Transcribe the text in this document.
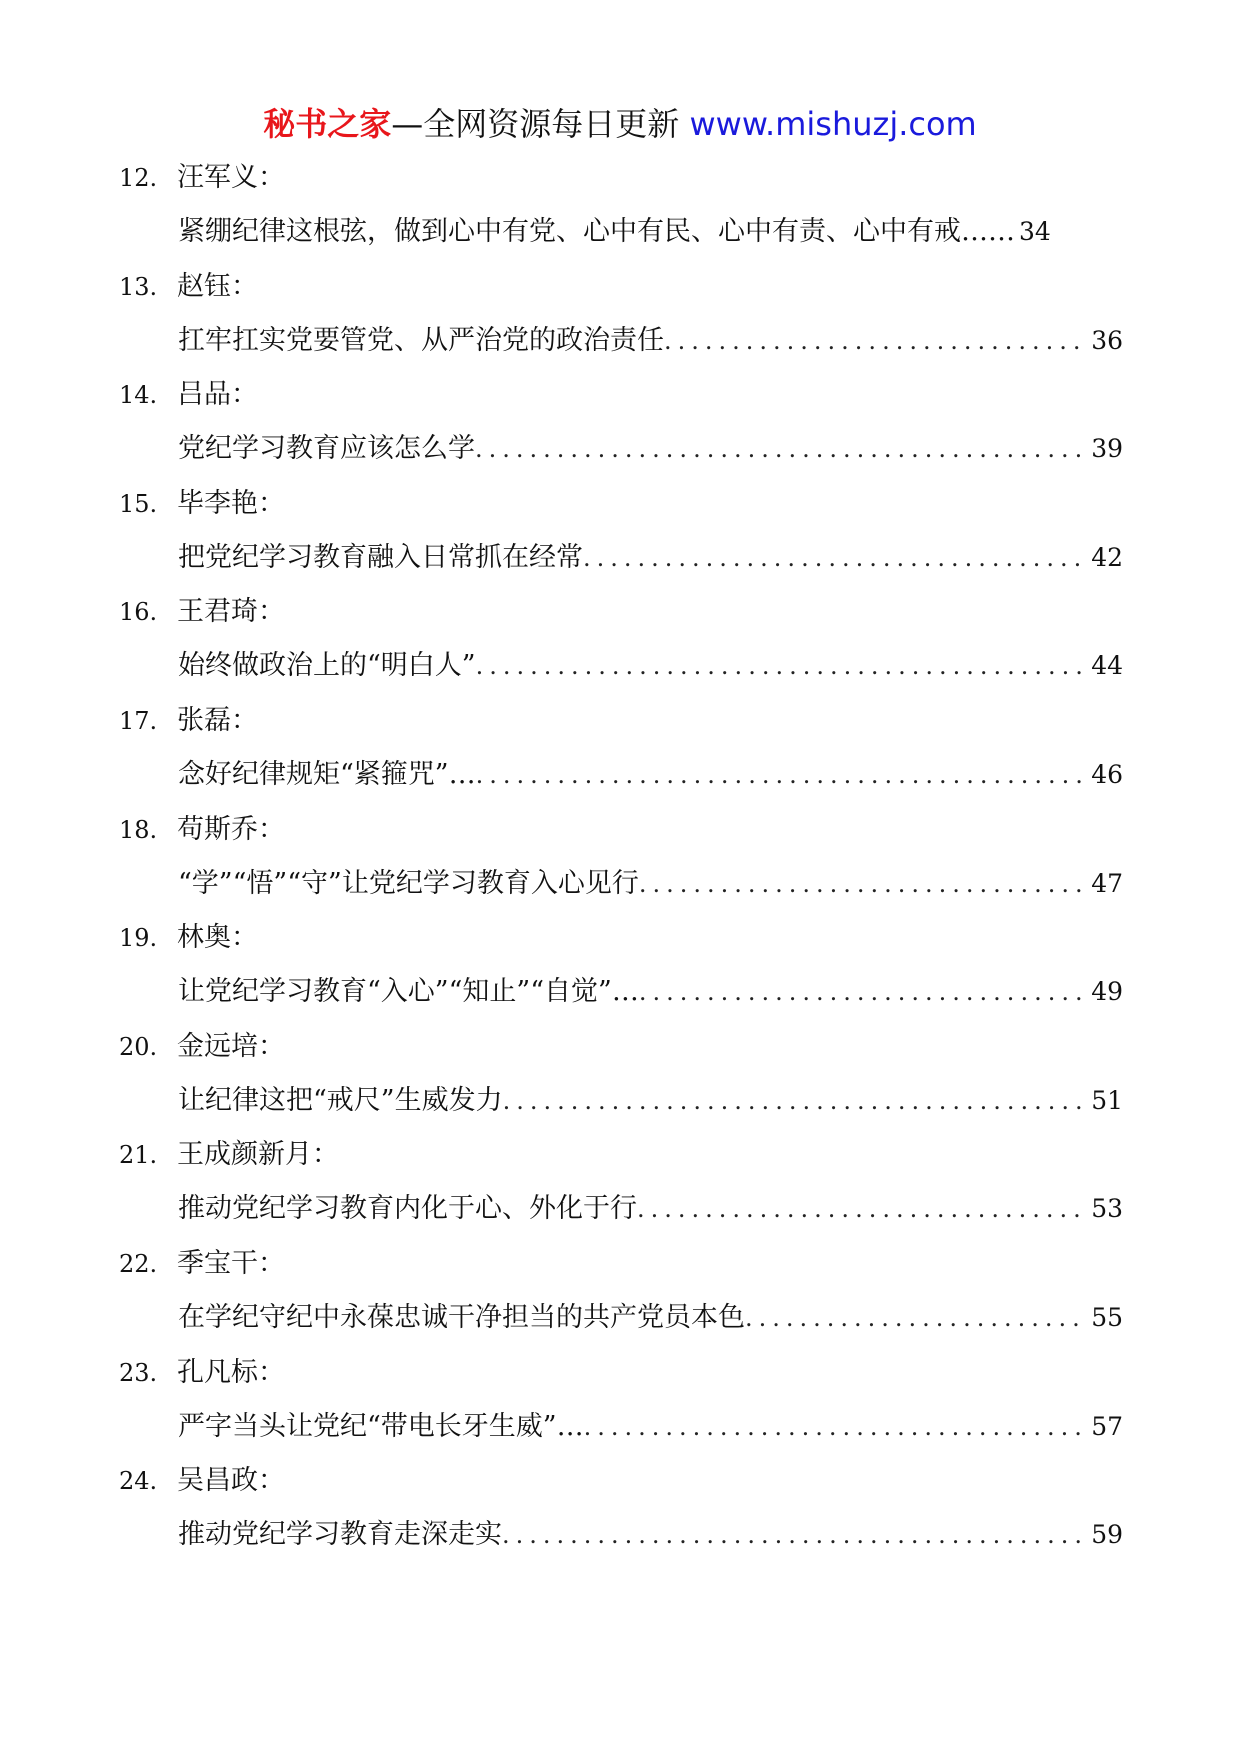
秘书之家—全网资源每日更新 www.mishuzj.com
12. 汪军义：
紧绷纪律这根弦，做到心中有党、心中有民、心中有责、心中有戒…… 34
13. 赵钰：
扛牢扛实党要管党、从严治党的政治责任 .....	36
14. 吕品：
党纪学习教育应该怎么学 .....	39
15. 毕李艳：
把党纪学习教育融入日常抓在经常 .....	42
16. 王君琦：
始终做政治上的“明白人” .....	44
17. 张磊：
念好纪律规矩“紧箍咒”… .....	46
18. 苟斯乔：
“学”“悟”“守”让党纪学习教育入心见行 .....	47
19. 林奥：
让党纪学习教育“入心”“知止”“自觉”… .....	49
20. 金远培：
让纪律这把“戒尺”生威发力 .....	51
21. 王成颜新月：
推动党纪学习教育内化于心、外化于行 .....	53
22. 季宝干：
在学纪守纪中永葆忠诚干净担当的共产党员本色 .....	55
23. 孔凡标：
严字当头让党纪“带电长牙生威”… .....	57
24. 吴昌政：
推动党纪学习教育走深走实 .....	59
